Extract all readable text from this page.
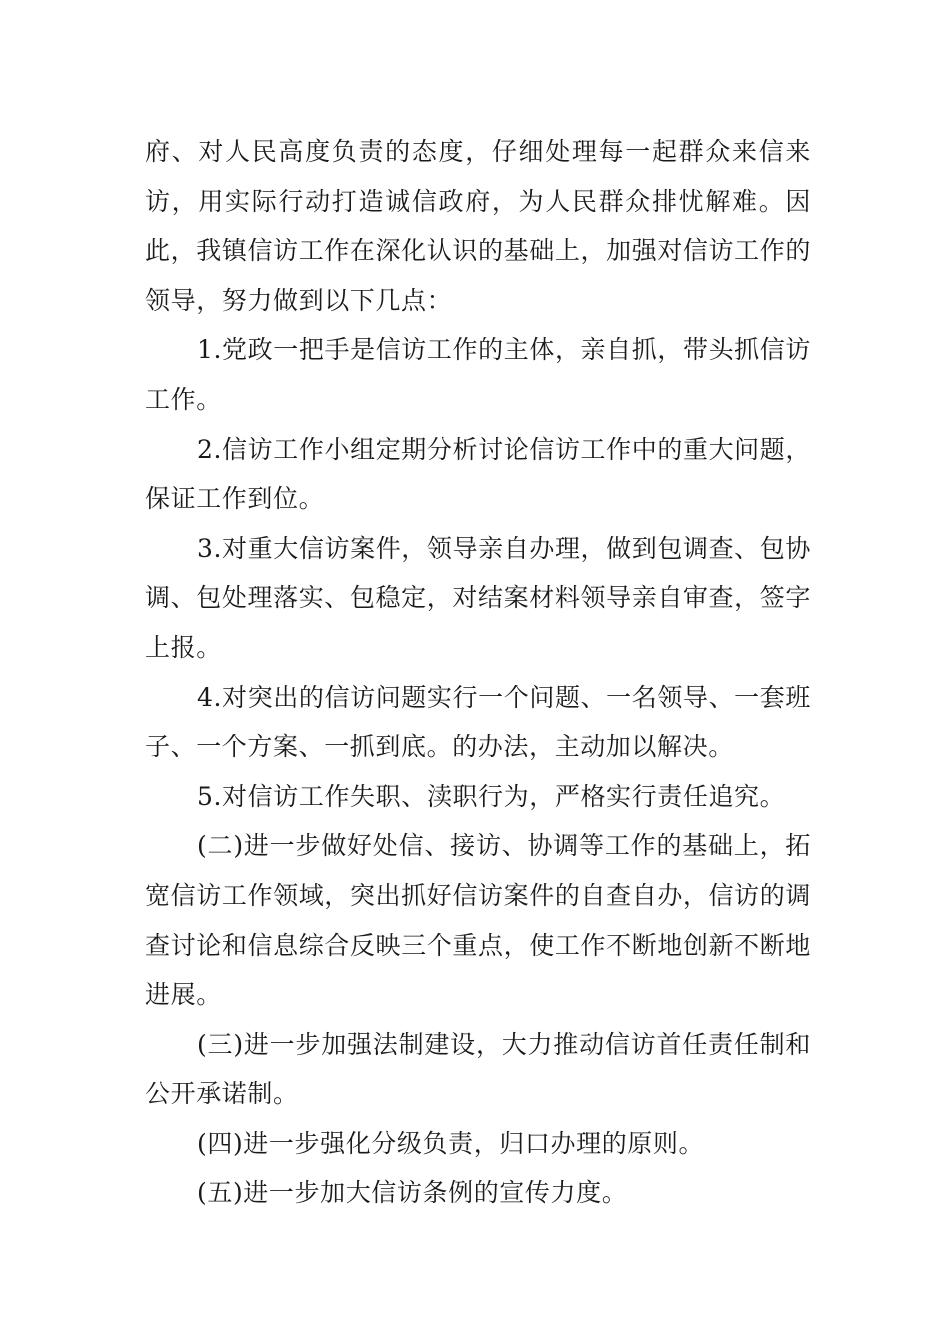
府、对人民高度负责的态度，仔细处理每一起群众来信来访，用实际行动打造诚信政府，为人民群众排忧解难。因此，我镇信访工作在深化认识的基础上，加强对信访工作的领导，努力做到以下几点：

1.党政一把手是信访工作的主体，亲自抓，带头抓信访工作。

2.信访工作小组定期分析讨论信访工作中的重大问题，保证工作到位。

3.对重大信访案件，领导亲自办理，做到包调查、包协调、包处理落实、包稳定，对结案材料领导亲自审查，签字上报。

4.对突出的信访问题实行一个问题、一名领导、一套班子、一个方案、一抓到底。的办法，主动加以解决。

5.对信访工作失职、渎职行为，严格实行责任追究。

(二)进一步做好处信、接访、协调等工作的基础上，拓宽信访工作领域，突出抓好信访案件的自查自办，信访的调查讨论和信息综合反映三个重点，使工作不断地创新不断地进展。

(三)进一步加强法制建设，大力推动信访首任责任制和公开承诺制。

(四)进一步强化分级负责，归口办理的原则。

(五)进一步加大信访条例的宣传力度。
